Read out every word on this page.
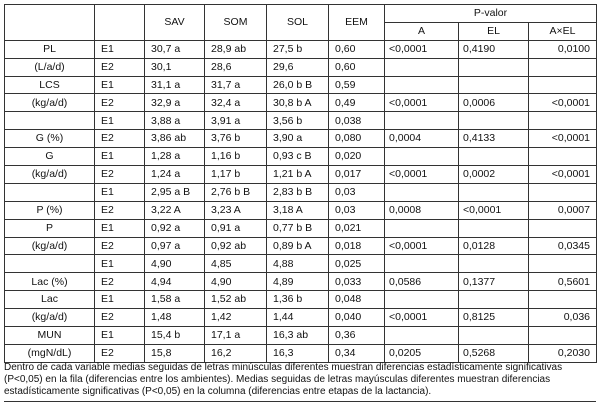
		SAV	SOM	SOL	EEM	P-valor		
						A	EL	A×EL
PL	E1	30,7 a	28,9 ab	27,5 b	0,60	<0,0001	0,4190	0,0100
(L/a/d)	E2	30,1	28,6	29,6	0,60			
LCS	E1	31,1 a	31,7 a	26,0 b B	0,59			
(kg/a/d)	E2	32,9 a	32,4 a	30,8 b A	0,49	<0,0001	0,0006	<0,0001
	E1	3,88 a	3,91 a	3,56 b	0,038			
G (%)	E2	3,86 ab	3,76 b	3,90 a	0,080	0,0004	0,4133	<0,0001
G	E1	1,28 a	1,16 b	0,93 c B	0,020			
(kg/a/d)	E2	1,24 a	1,17 b	1,21 b A	0,017	<0,0001	0,0002	<0,0001
	E1	2,95 a B	2,76 b B	2,83 b B	0,03			
P (%)	E2	3,22 A	3,23 A	3,18 A	0,03	0,0008	<0,0001	0,0007
P	E1	0,92 a	0,91 a	0,77 b B	0,021			
(kg/a/d)	E2	0,97 a	0,92 ab	0,89 b A	0,018	<0,0001	0,0128	0,0345
	E1	4,90	4,85	4,88	0,025			
Lac (%)	E2	4,94	4,90	4,89	0,033	0,0586	0,1377	0,5601
Lac	E1	1,58 a	1,52 ab	1,36 b	0,048			
(kg/a/d)	E2	1,48	1,42	1,44	0,040	<0,0001	0,8125	0,036
MUN	E1	15,4 b	17,1 a	16,3 ab	0,36			
(mgN/dL)	E2	15,8	16,2	16,3	0,34	0,0205	0,5268	0,2030
Dentro de cada variable medias seguidas de letras minúsculas diferentes muestran diferencias estadísticamente significativas (P<0,05) en la fila (diferencias entre los ambientes). Medias seguidas de letras mayúsculas diferentes muestran diferencias estadísticamente significativas (P<0,05) en la columna (diferencias entre etapas de la lactancia).
